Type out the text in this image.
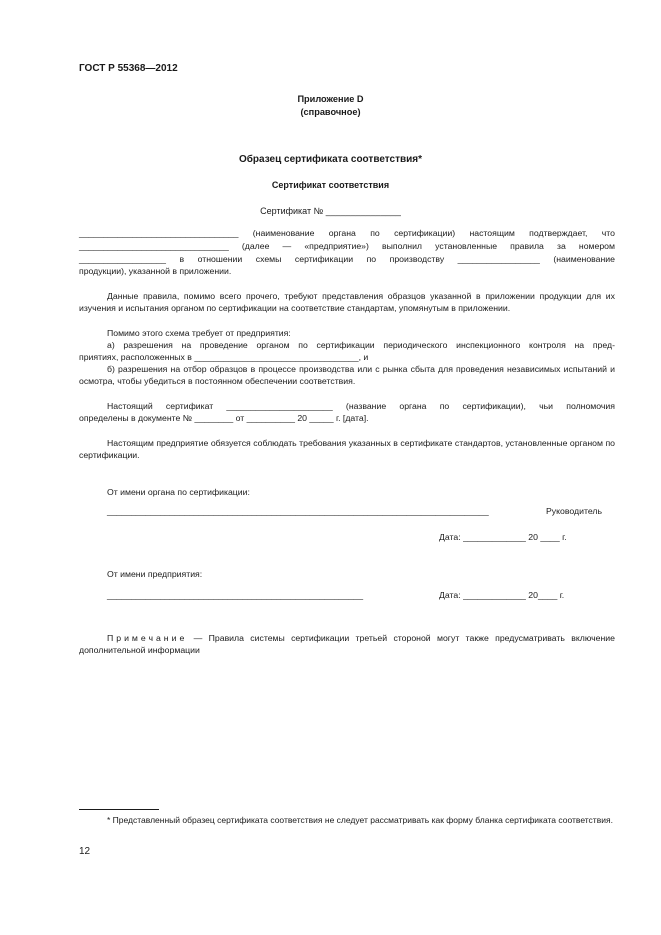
ГОСТ Р 55368—2012
Приложение D
(справочное)
Образец сертификата соответствия*
Сертификат соответствия
Сертификат № _______________
_________________________________ (наименование органа по сертификации) настоящим подтверждает, что
_______________________________ (далее — «предприятие») выполнил установленные правила за номером
__________________ в отношении схемы сертификации по производству _________________ (наименование
продукции), указанной в приложении.
Данные правила, помимо всего прочего, требуют представления образцов указанной в приложении продукции для их изучения и испытания органом по сертификации на соответствие стандартам, упомянутым в приложении.
Помимо этого схема требует от предприятия:
а) разрешения на проведение органом по сертификации периодического инспекционного контроля на пред-
приятиях, расположенных в __________________________________, и
б) разрешения на отбор образцов в процессе производства или с рынка сбыта для проведения независимых испытаний и осмотра, чтобы убедиться в постоянном обеспечении соответствия.
Настоящий сертификат ______________________ (название органа по сертификации), чьи полномочия
определены в документе № ________ от __________ 20 _____ г. [дата].
Настоящим предприятие обязуется соблюдать требования указанных в сертификате стандартов, установленные органом по сертификации.
От имени органа по сертификации:
_______________________________________________________________________________	Руководитель
Дата: _____________ 20 ____ г.
От имени предприятия:
_____________________________________________________	Дата: _____________ 20____ г.
Примечание — Правила системы сертификации третьей стороной могут также предусматривать включение дополнительной информации
* Представленный образец сертификата соответствия не следует рассматривать как форму бланка сертификата соответствия.
12
